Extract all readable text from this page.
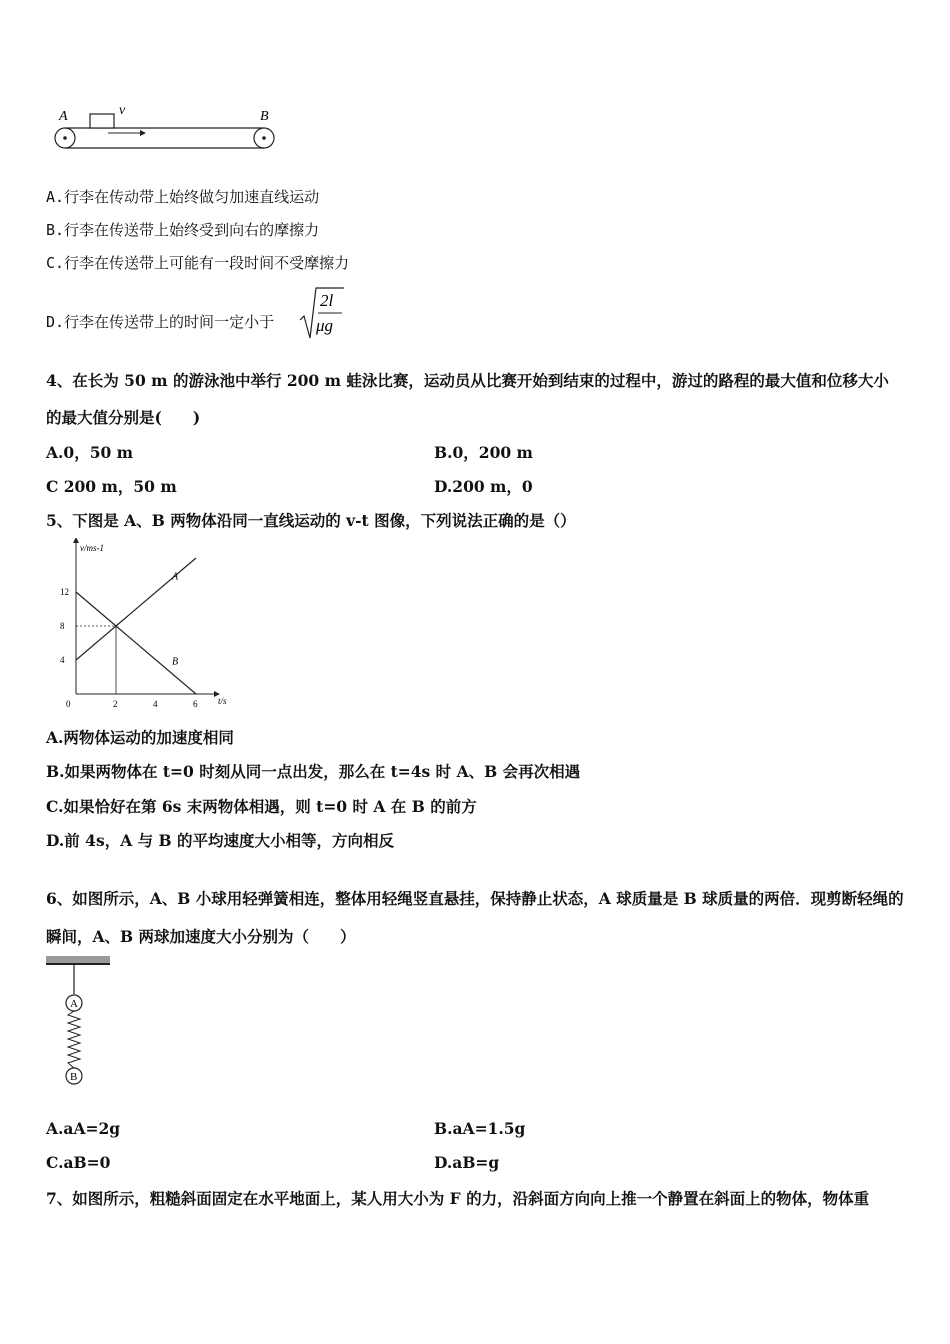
A	B
v
A.行李在传动带上始终做匀加速直线运动
B.行李在传送带上始终受到向右的摩擦力
C.行李在传送带上可能有一段时间不受摩擦力
D.行李在传送带上的时间一定小于
2l
μg
4、在长为 50 m 的游泳池中举行 200 m 蛙泳比赛，运动员从比赛开始到结束的过程中，游过的路程的最大值和位移大小
的最大值分别是(　　)
A.0，50 m	B.0，200 m
C 200 m，50 m	D.200 m，0
5、下图是 A、B 两物体沿同一直线运动的 v-t 图像，下列说法正确的是（）
v/ms-1
t/s
0	2	4	6
4
8
12
A
B
A.两物体运动的加速度相同
B.如果两物体在 t=0 时刻从同一点出发，那么在 t=4s 时 A、B 会再次相遇
C.如果恰好在第 6s 末两物体相遇，则 t=0 时 A 在 B 的前方
D.前 4s，A 与 B 的平均速度大小相等，方向相反
6、如图所示，A、B 小球用轻弹簧相连，整体用轻绳竖直悬挂，保持静止状态，A 球质量是 B 球质量的两倍．现剪断轻绳的
瞬间，A、B 两球加速度大小分别为（　　）
A
B
A.aA=2g	B.aA=1.5g
C.aB=0	D.aB=g
7、如图所示，粗糙斜面固定在水平地面上，某人用大小为 F 的力，沿斜面方向向上推一个静置在斜面上的物体，物体重
